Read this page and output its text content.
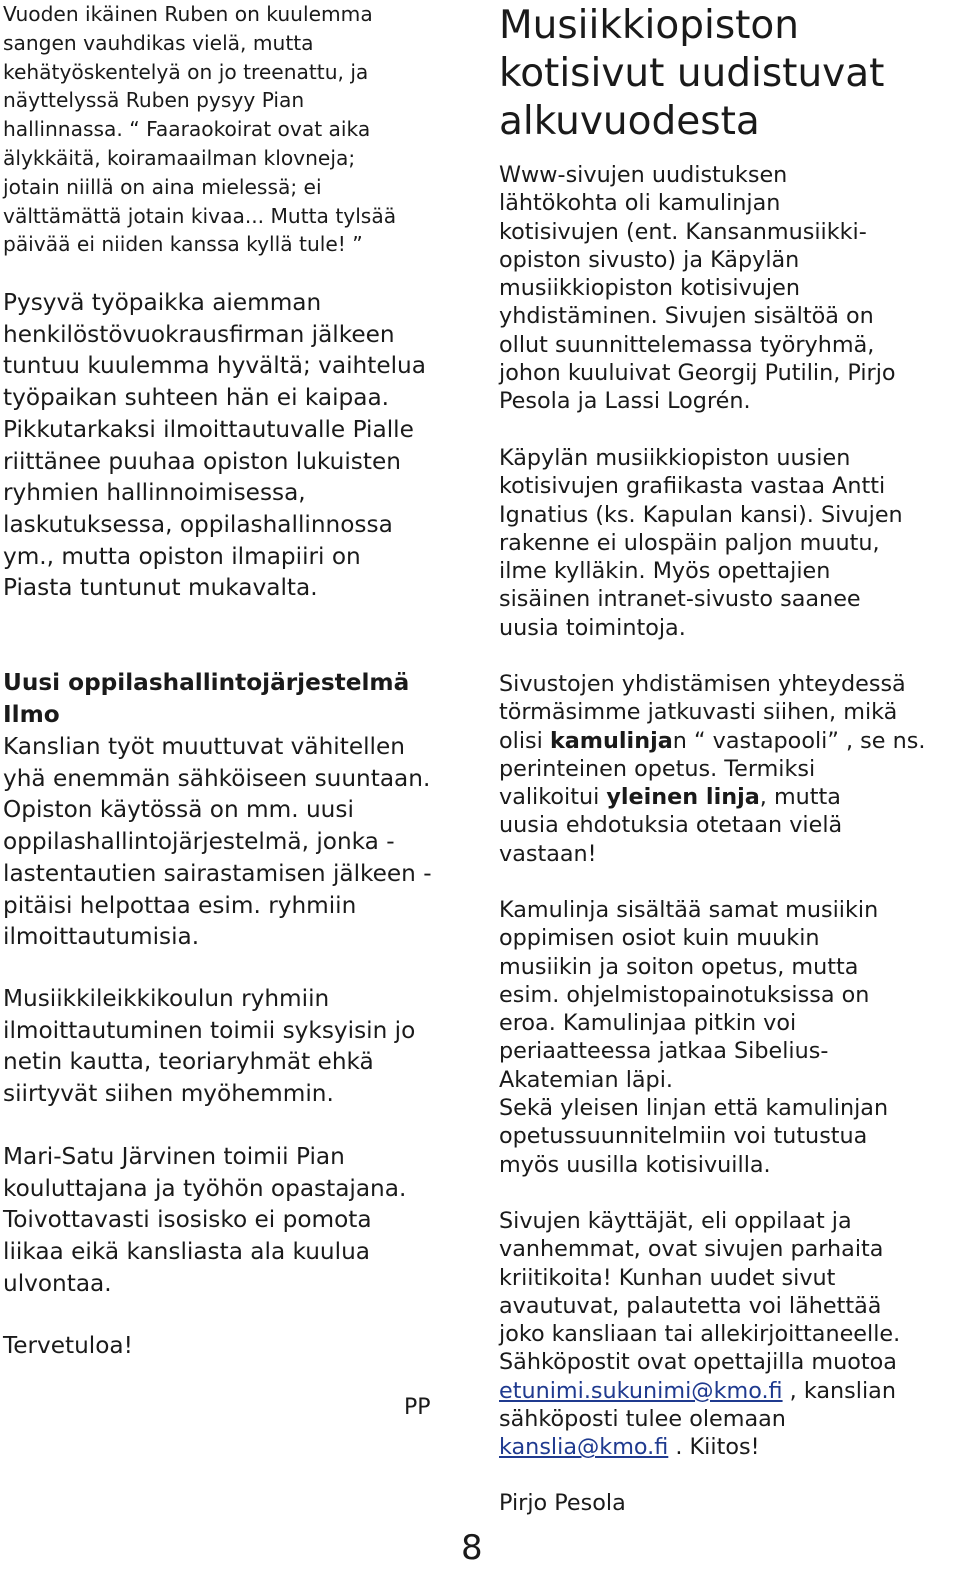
Vuoden ikäinen Ruben on kuulemma
sangen vauhdikas vielä, mutta
kehätyöskentelyä on jo treenattu, ja
näyttelyssä Ruben pysyy Pian
hallinnassa. “ Faaraokoirat ovat aika
älykkäitä, koiramaailman klovneja;
jotain niillä on aina mielessä; ei
välttämättä jotain kivaa... Mutta tylsää
päivää ei niiden kanssa kyllä tule! ”

Pysyvä työpaikka aiemman
henkilöstövuokrausfirman jälkeen
tuntuu kuulemma hyvältä; vaihtelua
työpaikan suhteen hän ei kaipaa.
Pikkutarkaksi ilmoittautuvalle Pialle
riittänee puuhaa opiston lukuisten
ryhmien hallinnoimisessa,
laskutuksessa, oppilashallinnossa
ym., mutta opiston ilmapiiri on
Piasta tuntunut mukavalta.

Uusi oppilashallintojärjestelmä
Ilmo

Kanslian työt muuttuvat vähitellen
yhä enemmän sähköiseen suuntaan.
Opiston käytössä on mm. uusi
oppilashallintojärjestelmä, jonka -
lastentautien sairastamisen jälkeen -
pitäisi helpottaa esim. ryhmiin
ilmoittautumisia.

Musiikkileikkikoulun ryhmiin
ilmoittautuminen toimii syksyisin jo
netin kautta, teoriaryhmät ehkä
siirtyvät siihen myöhemmin.

Mari-Satu Järvinen toimii Pian
kouluttajana ja työhön opastajana.
Toivottavasti isosisko ei pomota
liikaa eikä kansliasta ala kuulua
ulvontaa.

Tervetuloa!

PP
Musiikkiopiston kotisivut uudistuvat alkuvuodesta

Www-sivujen uudistuksen
lähtökohta oli kamulinjan
kotisivujen (ent. Kansanmusiikki-
opiston sivusto) ja Käpylän
musiikkiopiston kotisivujen
yhdistäminen. Sivujen sisältöä on
ollut suunnittelemassa työryhmä,
johon kuuluivat Georgij Putilin, Pirjo
Pesola ja Lassi Logrén.

Käpylän musiikkiopiston uusien
kotisivujen grafiikasta vastaa Antti
Ignatius (ks. Kapulan kansi). Sivujen
rakenne ei ulospäin paljon muutu,
ilme kylläkin. Myös opettajien
sisäinen intranet-sivusto saanee
uusia toimintoja.

Sivustojen yhdistämisen yhteydessä
törmäsimme jatkuvasti siihen, mikä
olisi kamulinjan “ vastapooli” , se ns.
perinteinen opetus. Termiksi
valikoitui yleinen linja, mutta
uusia ehdotuksia otetaan vielä
vastaan!

Kamulinja sisältää samat musiikin
oppimisen osiot kuin muukin
musiikin ja soiton opetus, mutta
esim. ohjelmistopainotuksissa on
eroa. Kamulinjaa pitkin voi
periaatteessa jatkaa Sibelius-
Akatemian läpi.
Sekä yleisen linjan että kamulinjan
opetussuunnitelmiin voi tutustua
myös uusilla kotisivuilla.

Sivujen käyttäjät, eli oppilaat ja
vanhemmat, ovat sivujen parhaita
kriitikoita! Kunhan uudet sivut
avautuvat, palautetta voi lähettää
joko kansliaan tai allekirjoittaneelle.
Sähköpostit ovat opettajilla muotoa
etunimi.sukunimi@kmo.fi , kanslian
sähköposti tulee olemaan
kanslia@kmo.fi . Kiitos!

Pirjo Pesola

8
